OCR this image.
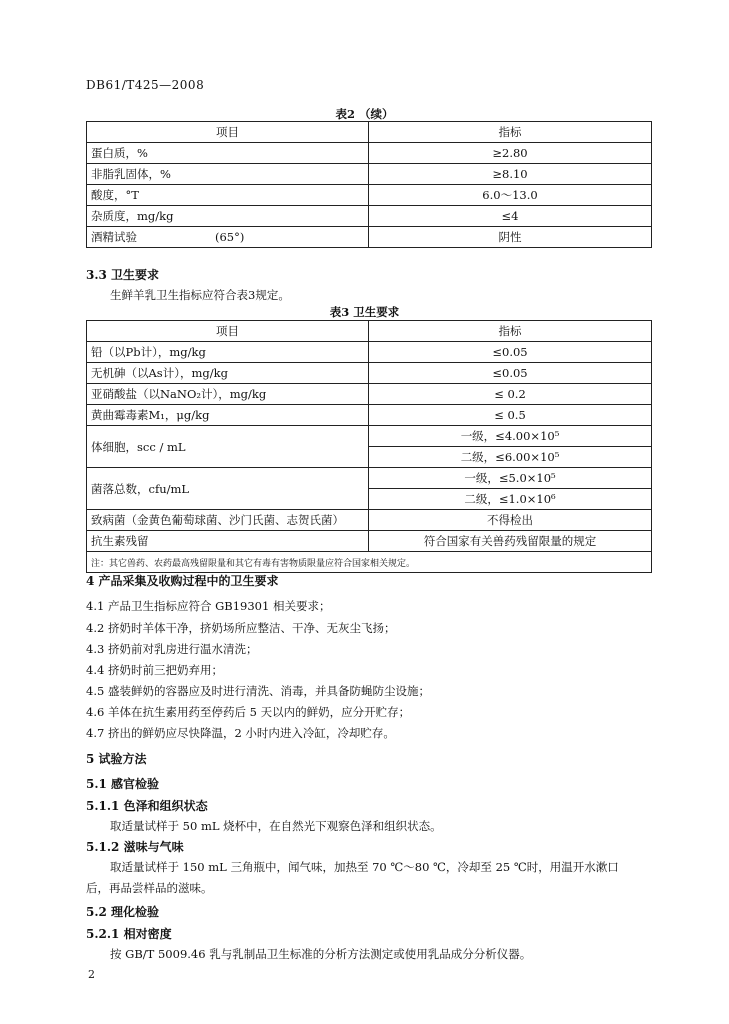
DB61/T425—2008
表2 （续）
项目	指标
蛋白质，%	≥2.80
非脂乳固体，%	≥8.10
酸度，°T	6.0～13.0
杂质度，mg/kg	≤4
酒精试验 (65°)	阴性
3.3 卫生要求
生鲜羊乳卫生指标应符合表3规定。
表3 卫生要求
项目	指标
铅（以Pb计），mg/kg	≤0.05
无机砷（以As计），mg/kg	≤0.05
亚硝酸盐（以NaNO₂计），mg/kg	≤ 0.2
黄曲霉毒素M₁，μg/kg	≤ 0.5
体细胞，scc / mL	一级，≤4.00×10⁵
	二级，≤6.00×10⁵
菌落总数，cfu/mL	一级，≤5.0×10⁵
	二级，≤1.0×10⁶
致病菌（金黄色葡萄球菌、沙门氏菌、志贺氏菌）	不得检出
抗生素残留	符合国家有关兽药残留限量的规定
注：其它兽药、农药最高残留限量和其它有毒有害物质限量应符合国家相关规定。	
4 产品采集及收购过程中的卫生要求
4.1 产品卫生指标应符合 GB19301 相关要求；
4.2 挤奶时羊体干净，挤奶场所应整洁、干净、无灰尘飞扬；
4.3 挤奶前对乳房进行温水清洗；
4.4 挤奶时前三把奶弃用；
4.5 盛装鲜奶的容器应及时进行清洗、消毒，并具备防蝇防尘设施；
4.6 羊体在抗生素用药至停药后 5 天以内的鲜奶，应分开贮存；
4.7 挤出的鲜奶应尽快降温，2 小时内进入冷缸，冷却贮存。
5 试验方法
5.1 感官检验
5.1.1 色泽和组织状态
取适量试样于 50 mL 烧杯中，在自然光下观察色泽和组织状态。
5.1.2 滋味与气味
取适量试样于 150 mL 三角瓶中，闻气味，加热至 70 ℃～80 ℃，冷却至 25 ℃时，用温开水漱口
后，再品尝样品的滋味。
5.2 理化检验
5.2.1 相对密度
按 GB/T 5009.46 乳与乳制品卫生标准的分析方法测定或使用乳品成分分析仪器。
2
